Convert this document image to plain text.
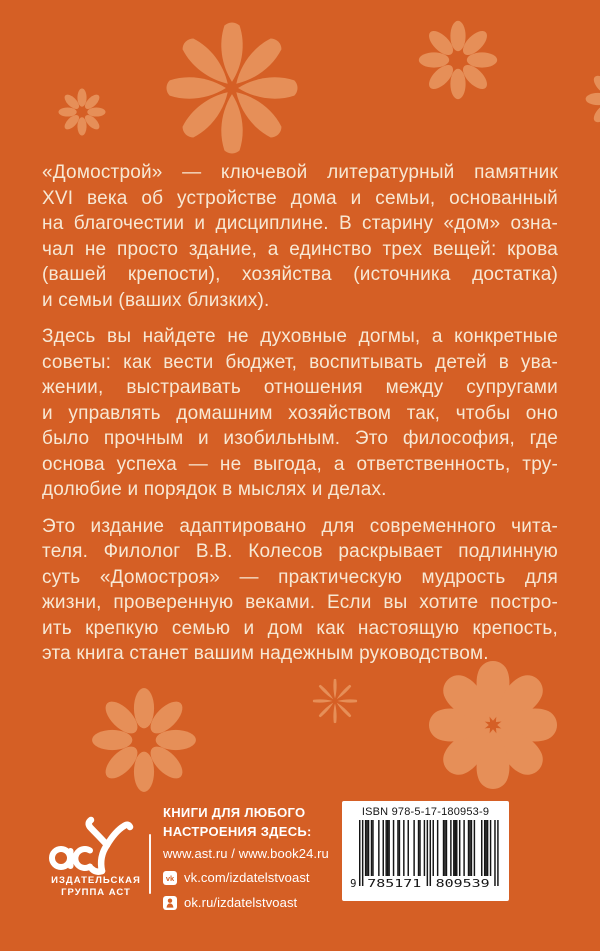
«Домострой» — ключевой литературный памятник
XVI века об устройстве дома и семьи, основанный
на благочестии и дисциплине. В старину «дом» озна-
чал не просто здание, а единство трех вещей: крова
(вашей крепости), хозяйства (источника достатка)
и семьи (ваших близких).

Здесь вы найдете не духовные догмы, а конкретные
советы: как вести бюджет, воспитывать детей в ува-
жении, выстраивать отношения между супругами
и управлять домашним хозяйством так, чтобы оно
было прочным и изобильным. Это философия, где
основа успеха — не выгода, а ответственность, тру-
долюбие и порядок в мыслях и делах.

Это издание адаптировано для современного чита-
теля. Филолог В.В. Колесов раскрывает подлинную
суть «Домостроя» — практическую мудрость для
жизни, проверенную веками. Если вы хотите постро-
ить крепкую семью и дом как настоящую крепость,
эта книга станет вашим надежным руководством.

ИЗДАТЕЛЬСКАЯ
ГРУППА АСТ
КНИГИ ДЛЯ ЛЮБОГО
НАСТРОЕНИЯ ЗДЕСЬ:
www.ast.ru / www.book24.ru
vk vk.com/izdatelstvoast
ok.ru/izdatelstvoast
ISBN 978-5-17-180953-9
9 785171 809539
